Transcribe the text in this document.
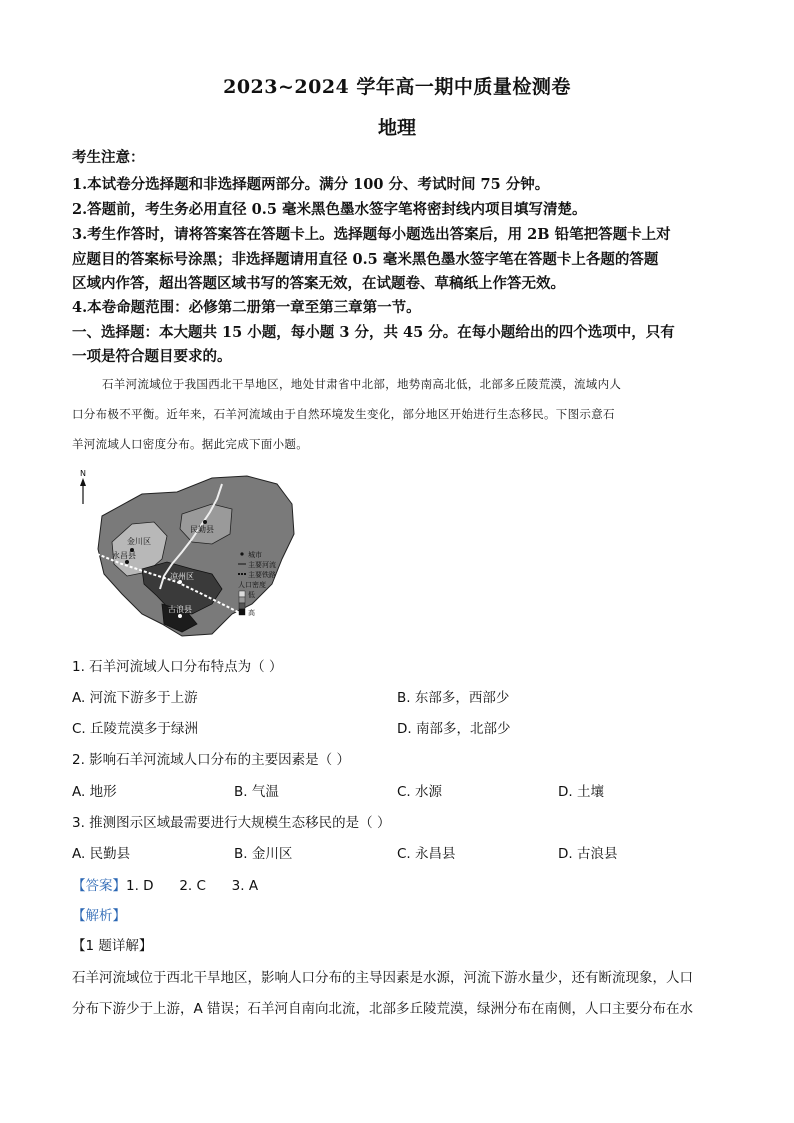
2023~2024 学年高一期中质量检测卷
地理
考生注意：
1.本试卷分选择题和非选择题两部分。满分 100 分、考试时间 75 分钟。
2.答题前，考生务必用直径 0.5 毫米黑色墨水签字笔将密封线内项目填写清楚。
3.考生作答时，请将答案答在答题卡上。选择题每小题选出答案后，用 2B 铅笔把答题卡上对
应题目的答案标号涂黑；非选择题请用直径 0.5 毫米黑色墨水签字笔在答题卡上各题的答题
区域内作答，超出答题区域书写的答案无效，在试题卷、草稿纸上作答无效。
4.本卷命题范围：必修第二册第一章至第三章第一节。
一、选择题：本大题共 15 小题，每小题 3 分，共 45 分。在每小题给出的四个选项中，只有
一项是符合题目要求的。
石羊河流域位于我国西北干旱地区，地处甘肃省中北部，地势南高北低，北部多丘陵荒漠，流域内人
口分布极不平衡。近年来，石羊河流域由于自然环境发生变化，部分地区开始进行生态移民。下图示意石
羊河流域人口密度分布。据此完成下面小题。
N
民勤县
金川区
永昌县
凉州区
古浪县
城市
主要河流
主要铁路
人口密度
低
高
1. 石羊河流域人口分布特点为（ ）
A. 河流下游多于上游	B. 东部多，西部少
C. 丘陵荒漠多于绿洲	D. 南部多，北部少
2. 影响石羊河流域人口分布的主要因素是（ ）
A. 地形	B. 气温	C. 水源	D. 土壤
3. 推测图示区域最需要进行大规模生态移民的是（ ）
A. 民勤县	B. 金川区	C. 永昌县	D. 古浪县
【答案】1. D      2. C      3. A
【解析】
【1 题详解】
石羊河流域位于西北干旱地区，影响人口分布的主导因素是水源，河流下游水量少，还有断流现象，人口
分布下游少于上游，A 错误；石羊河自南向北流，北部多丘陵荒漠，绿洲分布在南侧，人口主要分布在水
